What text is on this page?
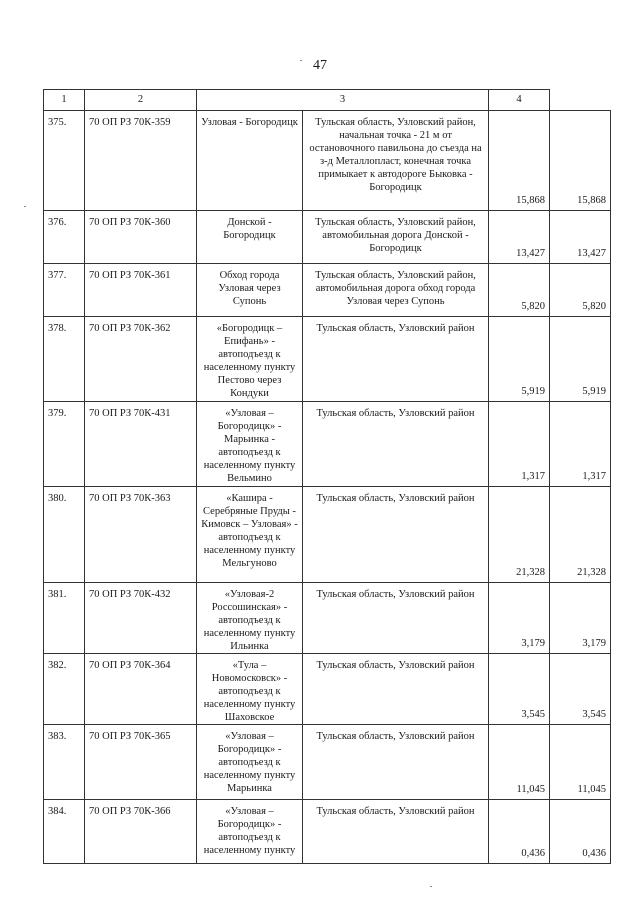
47
1	2	3		4	
375.	70 ОП РЗ 70К-359	Узловая - Богородицк	Тульская область, Узловский район, начальная точка - 21 м от остановочного павильона до съезда на з-д Металлопласт, конечная точка примыкает к автодороге Быковка - Богородицк	15,868	15,868
376.	70 ОП РЗ 70К-360	Донской - Богородицк	Тульская область, Узловский район, автомобильная дорога Донской - Богородицк	13,427	13,427
377.	70 ОП РЗ 70К-361	Обход города Узловая через Супонь	Тульская область, Узловский район, автомобильная дорога обход города Узловая через Супонь	5,820	5,820
378.	70 ОП РЗ 70К-362	«Богородицк – Епифань» - автоподъезд к населенному пункту Пестово через Кондуки	Тульская область, Узловский район	5,919	5,919
379.	70 ОП РЗ 70К-431	«Узловая – Богородицк» - Марьинка - автоподъезд к населенному пункту Вельмино	Тульская область, Узловский район	1,317	1,317
380.	70 ОП РЗ 70К-363	«Кашира - Серебряные Пруды - Кимовск – Узловая» - автоподъезд к населенному пункту Мельгуново	Тульская область, Узловский район	21,328	21,328
381.	70 ОП РЗ 70К-432	«Узловая-2 Россошинская» - автоподъезд к населенному пункту Ильинка	Тульская область, Узловский район	3,179	3,179
382.	70 ОП РЗ 70К-364	«Тула – Новомосковск» - автоподъезд к населенному пункту Шаховское	Тульская область, Узловский район	3,545	3,545
383.	70 ОП РЗ 70К-365	«Узловая – Богородицк» - автоподъезд к населенному пункту Марьинка	Тульская область, Узловский район	11,045	11,045
384.	70 ОП РЗ 70К-366	«Узловая – Богородицк» - автоподъезд к населенному пункту	Тульская область, Узловский район	0,436	0,436
